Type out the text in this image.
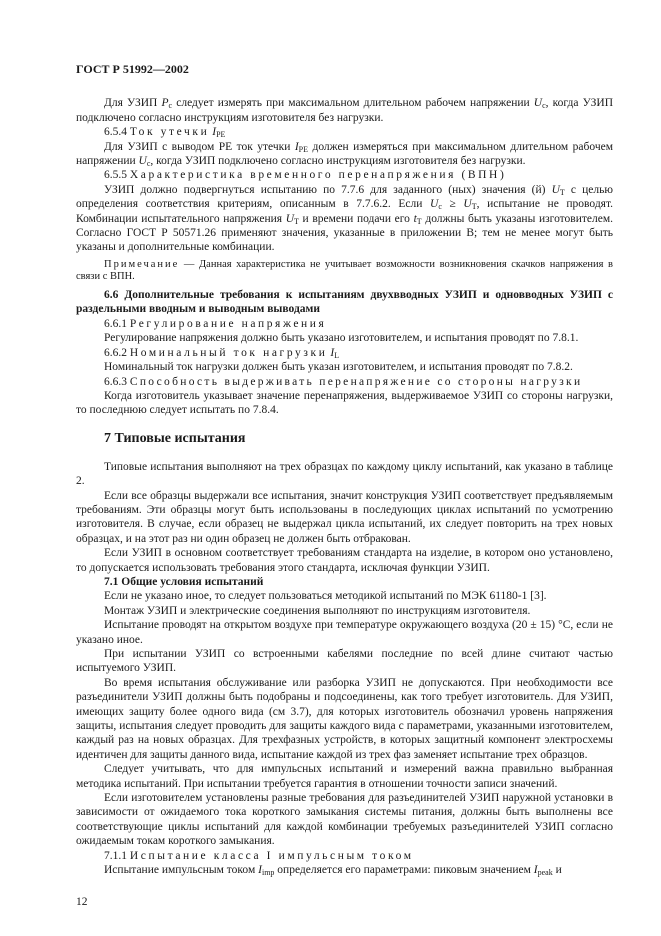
ГОСТ Р 51992—2002
Для УЗИП $P_c$ следует измерять при максимальном длительном рабочем напряжении $U_c$, когда УЗИП подключено согласно инструкциям изготовителя без нагрузки.
6.5.4 Ток утечки $I_{PE}$
Для УЗИП с выводом РЕ ток утечки $I_{PE}$ должен измеряться при максимальном длительном рабочем напряжении $U_c$, когда УЗИП подключено согласно инструкциям изготовителя без нагрузки.
6.5.5 Характеристика временного перенапряжения (ВПН)
УЗИП должно подвергнуться испытанию по 7.7.6 для заданного (ных) значения (й) $U_T$ с целью определения соответствия критериям, описанным в 7.7.6.2. Если $U_c \ge U_T$, испытание не проводят. Комбинации испытательного напряжения $U_T$ и времени подачи его $t_T$ должны быть указаны изготовителем. Согласно ГОСТ Р 50571.26 применяют значения, указанные в приложении В; тем не менее могут быть указаны и дополнительные комбинации.
Примечание — Данная характеристика не учитывает возможности возникновения скачков напряжения в связи с ВПН.
6.6 Дополнительные требования к испытаниям двухвводных УЗИП и одновводных УЗИП с раздельными вводным и выводным выводами
6.6.1 Регулирование напряжения
Регулирование напряжения должно быть указано изготовителем, и испытания проводят по 7.8.1.
6.6.2 Номинальный ток нагрузки $I_L$
Номинальный ток нагрузки должен быть указан изготовителем, и испытания проводят по 7.8.2.
6.6.3 Способность выдерживать перенапряжение со стороны нагрузки
Когда изготовитель указывает значение перенапряжения, выдерживаемое УЗИП со стороны нагрузки, то последнюю следует испытать по 7.8.4.
7 Типовые испытания
Типовые испытания выполняют на трех образцах по каждому циклу испытаний, как указано в таблице 2.
Если все образцы выдержали все испытания, значит конструкция УЗИП соответствует предъявляемым требованиям. Эти образцы могут быть использованы в последующих циклах испытаний по усмотрению изготовителя. В случае, если образец не выдержал цикла испытаний, их следует повторить на трех новых образцах, и на этот раз ни один образец не должен быть отбракован.
Если УЗИП в основном соответствует требованиям стандарта на изделие, в котором оно установлено, то допускается использовать требования этого стандарта, исключая функции УЗИП.
7.1 Общие условия испытаний
Если не указано иное, то следует пользоваться методикой испытаний по МЭК 61180-1 [3].
Монтаж УЗИП и электрические соединения выполняют по инструкциям изготовителя.
Испытание проводят на открытом воздухе при температуре окружающего воздуха (20 ± 15) °С, если не указано иное.
При испытании УЗИП со встроенными кабелями последние по всей длине считают частью испытуемого УЗИП.
Во время испытания обслуживание или разборка УЗИП не допускаются. При необходимости все разъединители УЗИП должны быть подобраны и подсоединены, как того требует изготовитель. Для УЗИП, имеющих защиту более одного вида (см 3.7), для которых изготовитель обозначил уровень напряжения защиты, испытания следует проводить для защиты каждого вида с параметрами, указанными изготовителем, каждый раз на новых образцах. Для трехфазных устройств, в которых защитный компонент электросхемы идентичен для защиты данного вида, испытание каждой из трех фаз заменяет испытание трех образцов.
Следует учитывать, что для импульсных испытаний и измерений важна правильно выбранная методика испытаний. При испытании требуется гарантия в отношении точности записи значений.
Если изготовителем установлены разные требования для разъединителей УЗИП наружной установки в зависимости от ожидаемого тока короткого замыкания системы питания, должны быть выполнены все соответствующие циклы испытаний для каждой комбинации требуемых разъединителей УЗИП согласно ожидаемым токам короткого замыкания.
7.1.1 Испытание класса I импульсным током
Испытание импульсным током $I_{imp}$ определяется его параметрами: пиковым значением $I_{peak}$ и
12
